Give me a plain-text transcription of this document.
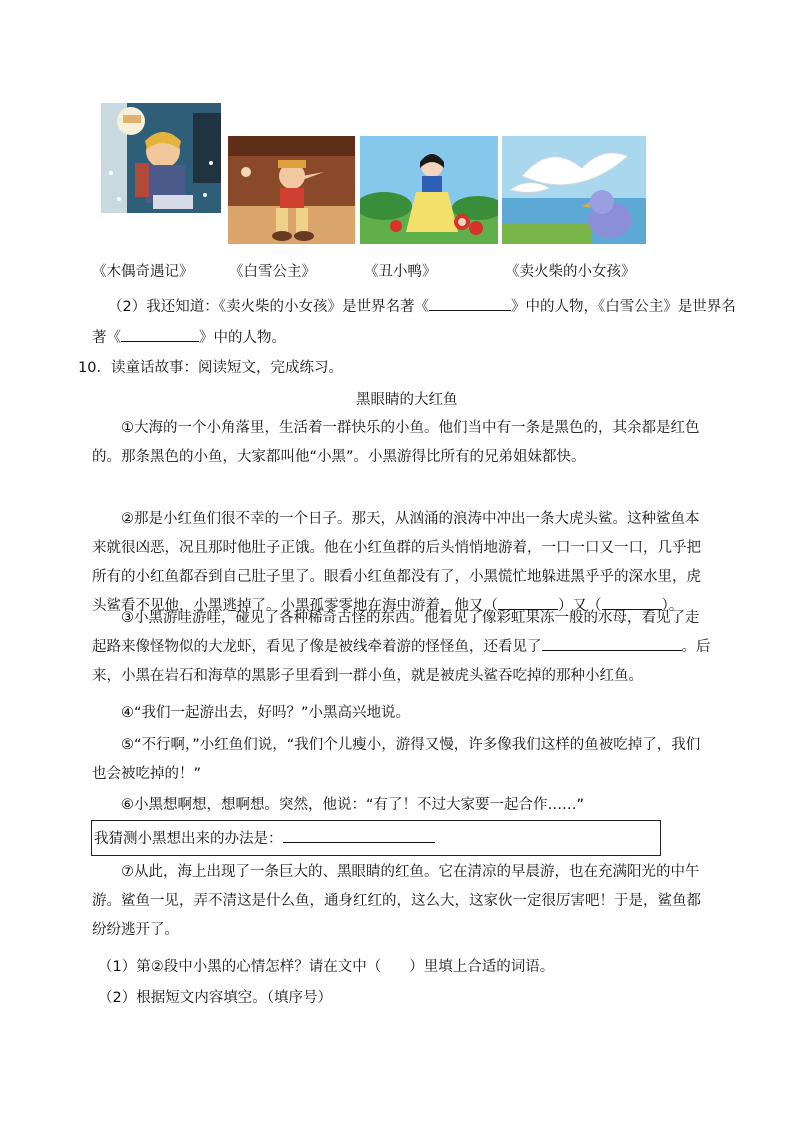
《木偶奇遇记》 《白雪公主》	《丑小鸭》	《卖火柴的小女孩》
（2）我还知道：《卖火柴的小女孩》是世界名著《	》中的人物，《白雪公主》是世界名
著《	》中的人物。
10．读童话故事：阅读短文，完成练习。
黑眼睛的大红鱼
①大海的一个小角落里，生活着一群快乐的小鱼。他们当中有一条是黑色的，其余都是红色的。那条黑色的小鱼，大家都叫他“小黑”。小黑游得比所有的兄弟姐妹都快。
②那是小红鱼们很不幸的一个日子。那天，从汹涌的浪涛中冲出一条大虎头鲨。这种鲨鱼本来就很凶恶，况且那时他肚子正饿。他在小红鱼群的后头悄悄地游着，一口一口又一口，几乎把所有的小红鱼都吞到自己肚子里了。眼看小红鱼都没有了，小黑慌忙地躲进黑乎乎的深水里，虎头鲨看不见他，小黑逃掉了。小黑孤零零地在海中游着，他又（	）又（	）。
③小黑游哇游哇，碰见了各种稀奇古怪的东西。他看见了像彩虹果冻一般的水母，看见了走起路来像怪物似的大龙虾，看见了像是被线牵着游的怪怪鱼，还看见了	。后来，小黑在岩石和海草的黑影子里看到一群小鱼，就是被虎头鲨吞吃掉的那种小红鱼。
④“我们一起游出去，好吗？”小黑高兴地说。
⑤“不行啊，”小红鱼们说，“我们个儿瘦小，游得又慢，许多像我们这样的鱼被吃掉了，我们也会被吃掉的！”
⑥小黑想啊想，想啊想。突然，他说：“有了！不过大家要一起合作……”
我猜测小黑想出来的办法是：
⑦从此，海上出现了一条巨大的、黑眼睛的红鱼。它在清凉的早晨游，也在充满阳光的中午游。鲨鱼一见，弄不清这是什么鱼，通身红红的，这么大，这家伙一定很厉害吧！于是，鲨鱼都纷纷逃开了。
（1）第②段中小黑的心情怎样？请在文中（ ）里填上合适的词语。
（2）根据短文内容填空。（填序号）
